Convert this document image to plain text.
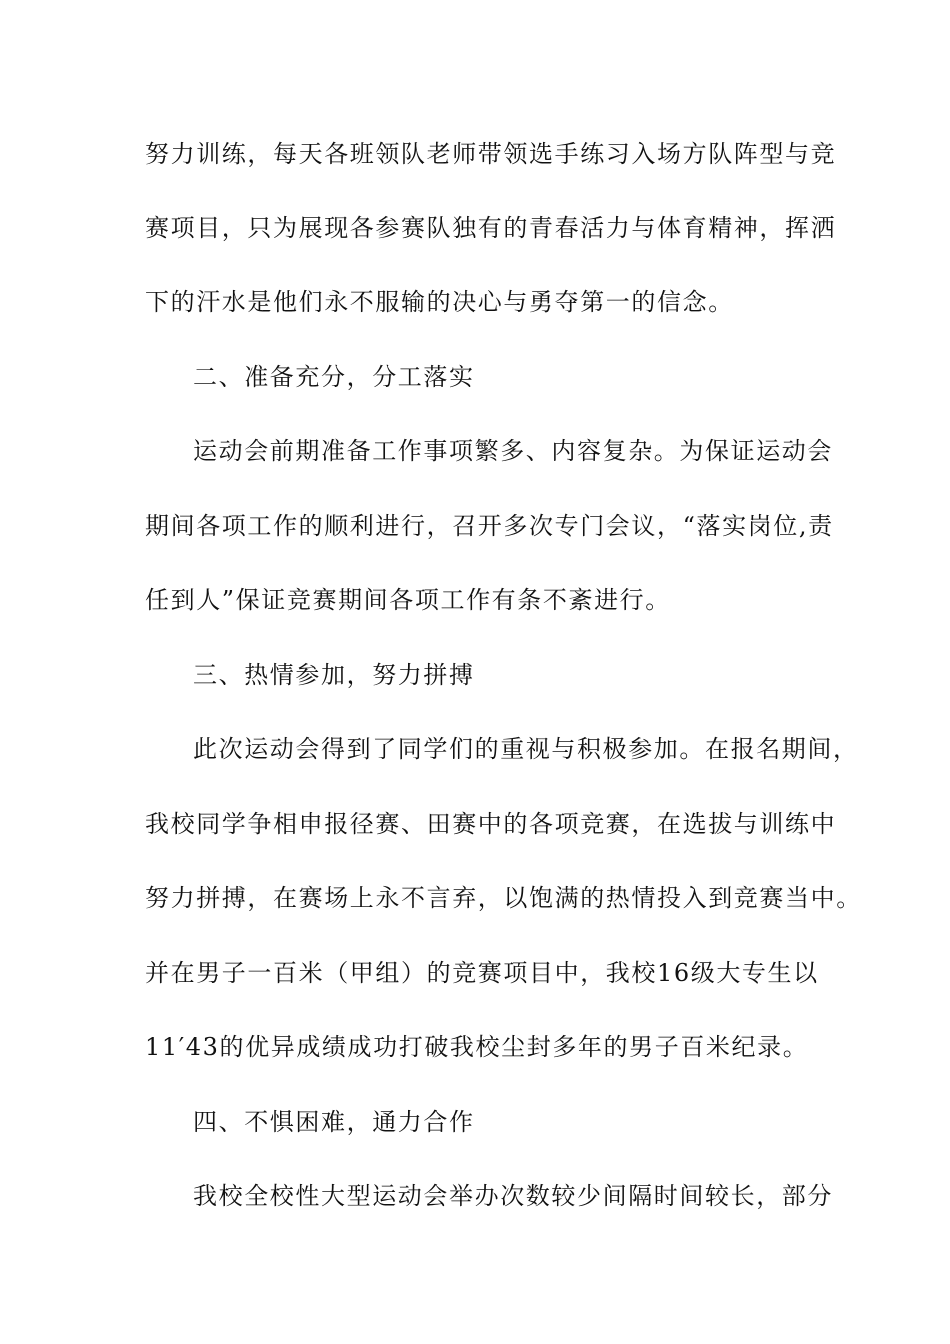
努力训练，每天各班领队老师带领选手练习入场方队阵型与竞
赛项目，只为展现各参赛队独有的青春活力与体育精神，挥洒
下的汗水是他们永不服输的决心与勇夺第一的信念。
二、准备充分，分工落实
运动会前期准备工作事项繁多、内容复杂。为保证运动会
期间各项工作的顺利进行，召开多次专门会议，“落实岗位,责
任到人”保证竞赛期间各项工作有条不紊进行。
三、热情参加，努力拼搏
此次运动会得到了同学们的重视与积极参加。在报名期间，
我校同学争相申报径赛、田赛中的各项竞赛，在选拔与训练中
努力拼搏，在赛场上永不言弃，以饱满的热情投入到竞赛当中。
并在男子一百米（甲组）的竞赛项目中，我校16级大专生以
11′43的优异成绩成功打破我校尘封多年的男子百米纪录。
四、不惧困难，通力合作
我校全校性大型运动会举办次数较少间隔时间较长，部分
